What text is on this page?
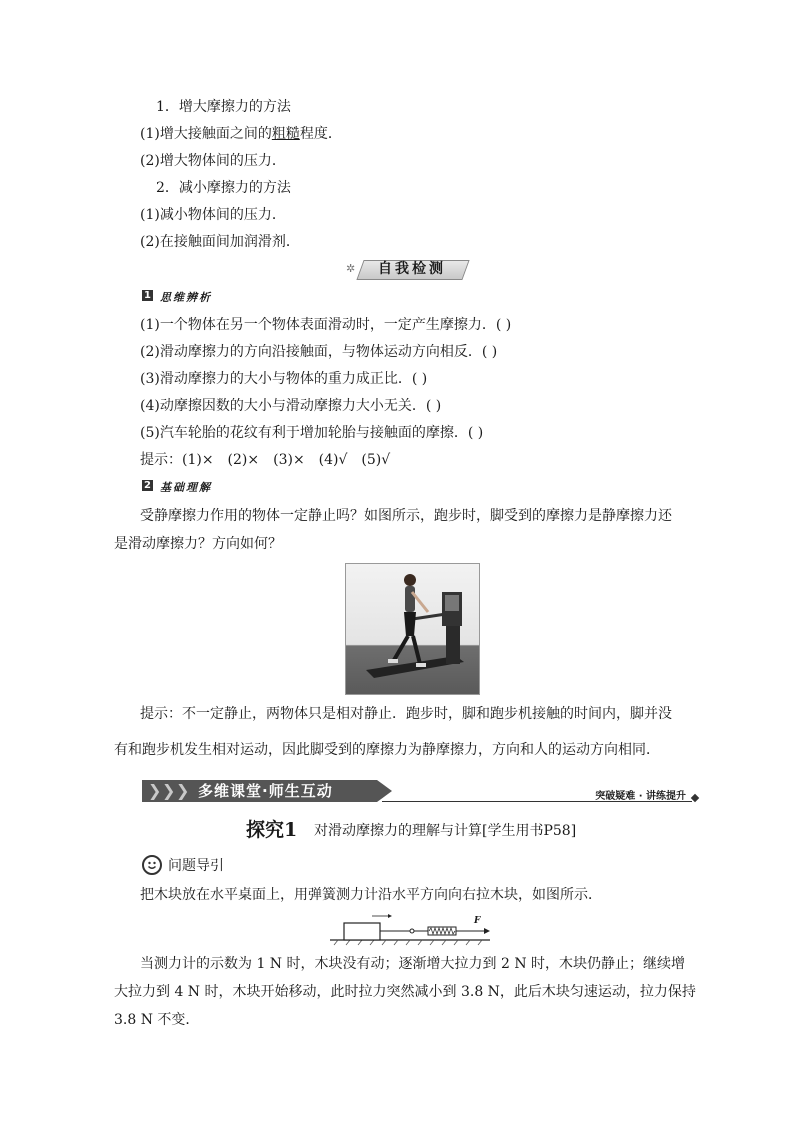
1．增大摩擦力的方法
(1)增大接触面之间的粗糙程度．
(2)增大物体间的压力．
2．减小摩擦力的方法
(1)减小物体间的压力．
(2)在接触面间加润滑剂．
✲	自我检测
1 思维辨析
(1)一个物体在另一个物体表面滑动时，一定产生摩擦力．( )
(2)滑动摩擦力的方向沿接触面，与物体运动方向相反．( )
(3)滑动摩擦力的大小与物体的重力成正比．( )
(4)动摩擦因数的大小与滑动摩擦力大小无关．( )
(5)汽车轮胎的花纹有利于增加轮胎与接触面的摩擦．( )
提示：(1)×　(2)×　(3)×　(4)√　(5)√
2 基础理解
受静摩擦力作用的物体一定静止吗？如图所示，跑步时，脚受到的摩擦力是静摩擦力还
是滑动摩擦力？方向如何？
提示：不一定静止，两物体只是相对静止．跑步时，脚和跑步机接触的时间内，脚并没
有和跑步机发生相对运动，因此脚受到的摩擦力为静摩擦力，方向和人的运动方向相同．
❯ ❯ ❯ 多维课堂·师生互动	突破疑难 · 讲练提升
探究1 对滑动摩擦力的理解与计算[学生用书P58]
问题导引
把木块放在水平桌面上，用弹簧测力计沿水平方向向右拉木块，如图所示．
F
当测力计的示数为 1 N 时，木块没有动；逐渐增大拉力到 2 N 时，木块仍静止；继续增
大拉力到 4 N 时，木块开始移动，此时拉力突然减小到 3.8 N，此后木块匀速运动，拉力保持
3.8 N 不变．
